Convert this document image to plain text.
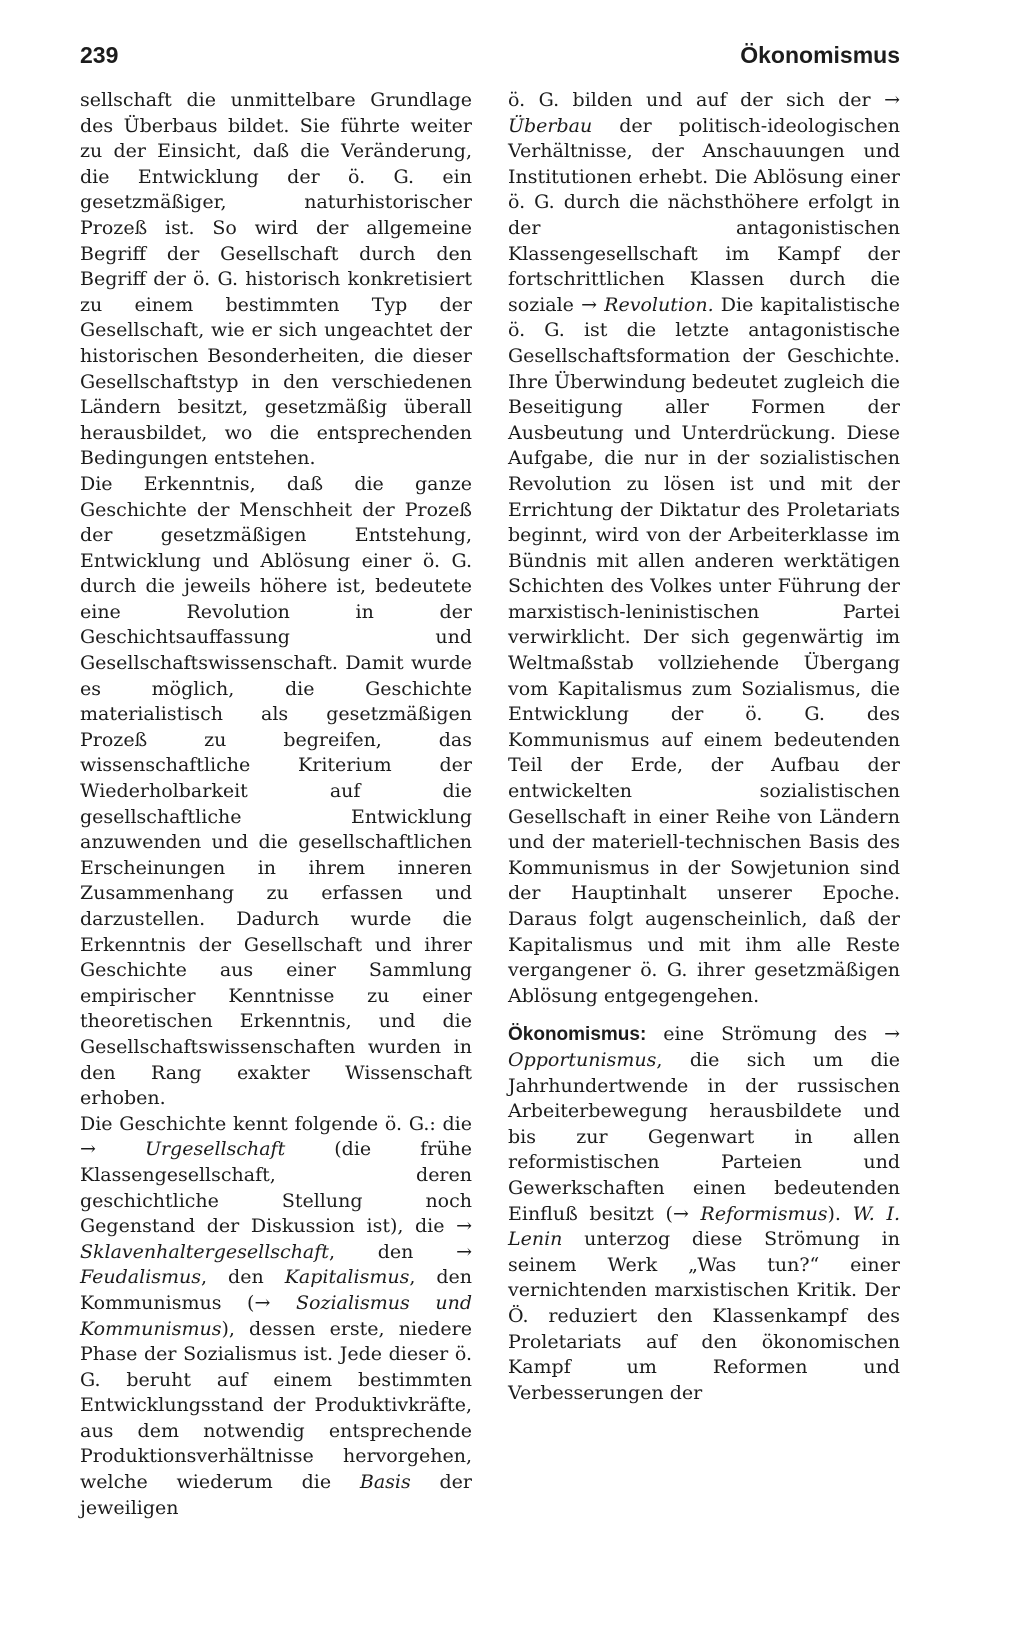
239	Ökonomismus

sellschaft die unmittelbare Grundlage des Überbaus bildet. Sie führte weiter zu der Einsicht, daß die Veränderung, die Entwicklung der ö. G. ein gesetzmäßiger, naturhistorischer Prozeß ist. So wird der allgemeine Begriff der Gesellschaft durch den Begriff der ö. G. historisch konkretisiert zu einem bestimmten Typ der Gesellschaft, wie er sich ungeachtet der historischen Besonderheiten, die dieser Gesellschaftstyp in den verschiedenen Ländern besitzt, gesetzmäßig überall herausbildet, wo die entsprechenden Bedingungen entstehen.

Die Erkenntnis, daß die ganze Geschichte der Menschheit der Prozeß der gesetzmäßigen Entstehung, Entwicklung und Ablösung einer ö. G. durch die jeweils höhere ist, bedeutete eine Revolution in der Geschichtsauffassung und Gesellschaftswissenschaft. Damit wurde es möglich, die Geschichte materialistisch als gesetzmäßigen Prozeß zu begreifen, das wissenschaftliche Kriterium der Wiederholbarkeit auf die gesellschaftliche Entwicklung anzuwenden und die gesellschaftlichen Erscheinungen in ihrem inneren Zusammenhang zu erfassen und darzustellen. Dadurch wurde die Erkenntnis der Gesellschaft und ihrer Geschichte aus einer Sammlung empirischer Kenntnisse zu einer theoretischen Erkenntnis, und die Gesellschaftswissenschaften wurden in den Rang exakter Wissenschaft erhoben.

Die Geschichte kennt folgende ö. G.: die →	Urgesellschaft (die frühe Klassengesellschaft, deren geschichtliche Stellung noch Gegenstand der Diskussion ist), die → Sklavenhaltergesellschaft, den → Feudalismus, den Kapitalismus, den Kommunismus (→ Sozialismus und Kommunismus), dessen erste, niedere Phase der Sozialismus ist. Jede dieser ö. G. beruht auf einem bestimmten Entwicklungsstand der Produktivkräfte, aus dem notwendig entsprechende Produktionsverhältnisse hervorgehen, welche wiederum die Basis der jeweiligen

ö. G. bilden und auf der sich der → Überbau der politisch-ideologischen Verhältnisse, der Anschauungen und Institutionen erhebt. Die Ablösung einer ö. G. durch die nächsthöhere erfolgt in der antagonistischen Klassengesellschaft im Kampf der fortschrittlichen Klassen durch die soziale → Revolution. Die kapitalistische ö. G. ist die letzte antagonistische Gesellschaftsformation der Geschichte. Ihre Überwindung bedeutet zugleich die Beseitigung aller Formen der Ausbeutung und Unterdrückung. Diese Aufgabe, die nur in der sozialistischen Revolution zu lösen ist und mit der Errichtung der Diktatur des Proletariats beginnt, wird von der Arbeiterklasse im Bündnis mit allen anderen werktätigen Schichten des Volkes unter Führung der marxistisch-leninistischen Partei verwirklicht. Der sich gegenwärtig im Weltmaßstab vollziehende Übergang vom Kapitalismus zum Sozialismus, die Entwicklung der ö. G. des Kommunismus auf einem bedeutenden Teil der Erde, der Aufbau der entwickelten sozialistischen Gesellschaft in einer Reihe von Ländern und der materiell-technischen Basis des Kommunismus in der Sowjetunion sind der Hauptinhalt unserer Epoche. Daraus folgt augenscheinlich, daß der Kapitalismus und mit ihm alle Reste vergangener ö. G. ihrer gesetzmäßigen Ablösung entgegengehen.

Ökonomismus: eine Strömung des → Opportunismus, die sich um die Jahrhundertwende in der russischen Arbeiterbewegung herausbildete und bis zur Gegenwart in allen reformistischen Parteien und Gewerkschaften einen bedeutenden Einfluß besitzt (→ Reformismus). W. I. Lenin unterzog diese Strömung in seinem Werk „Was tun?“ einer vernichtenden marxistischen Kritik. Der Ö. reduziert den Klassenkampf des Proletariats auf den ökonomischen Kampf um Reformen und Verbesserungen der
